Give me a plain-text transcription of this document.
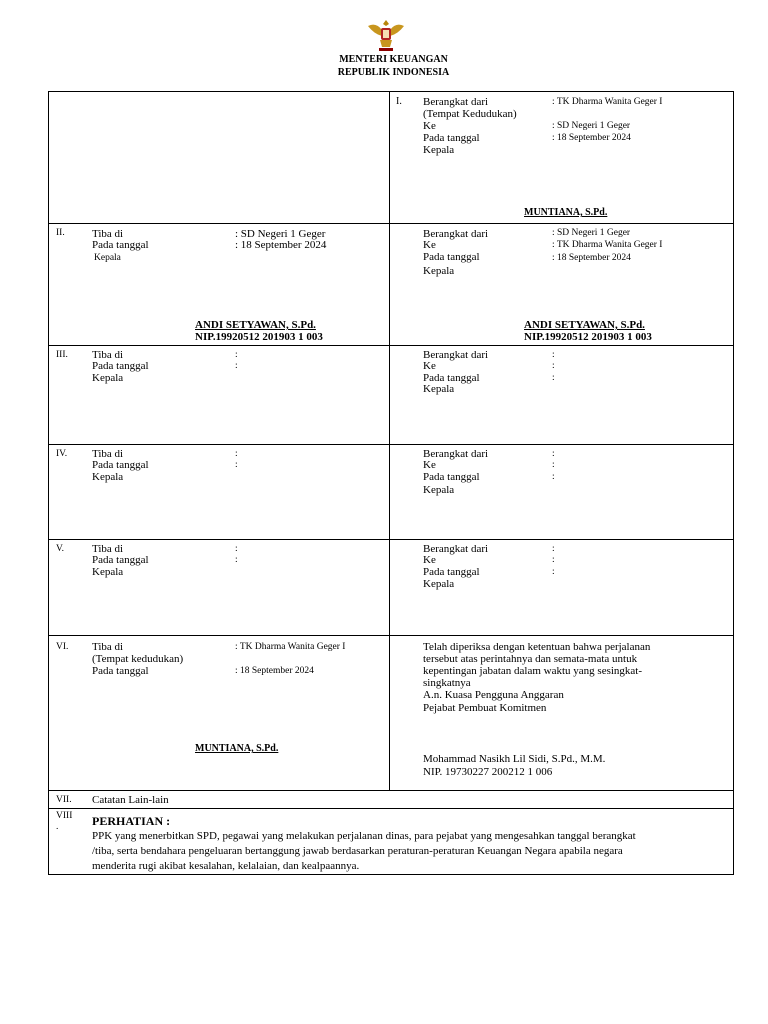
MENTERI KEUANGAN
REPUBLIK INDONESIA
I. Berangkat dari
(Tempat Kedudukan)
Ke
Pada tanggal
Kepala
: TK Dharma Wanita Geger I
: SD Negeri 1 Geger
: 18 September 2024
MUNTIANA, S.Pd.
II. Tiba di
Pada tanggal
Kepala
: SD Negeri 1 Geger
: 18 September 2024
ANDI SETYAWAN, S.Pd.
NIP.19920512 201903 1 003
Berangkat dari
Ke
Pada tanggal
Kepala
: SD Negeri 1 Geger
: TK Dharma Wanita Geger I
: 18 September 2024
ANDI SETYAWAN, S.Pd.
NIP.19920512 201903 1 003
III. Tiba di
Pada tanggal
Kepala
:
:
Berangkat dari
Ke
Pada tanggal
Kepala
:
:
:
IV. Tiba di
Pada tanggal
Kepala
:
:
Berangkat dari
Ke
Pada tanggal
Kepala
:
:
:
V.	Tiba di
Pada tanggal
Kepala
:
:
Berangkat dari
Ke
Pada tanggal
Kepala
:
:
:
VI. Tiba di
(Tempat kedudukan)
Pada tanggal
: TK Dharma Wanita Geger I
: 18 September 2024
MUNTIANA, S.Pd.
Telah diperiksa dengan ketentuan bahwa perjalanan
tersebut atas perintahnya dan semata-mata untuk
kepentingan jabatan dalam waktu yang sesingkat-
singkatnya
A.n. Kuasa Pengguna Anggaran
Pejabat Pembuat Komitmen
Mohammad Nasikh Lil Sidi, S.Pd., M.M.
NIP. 19730227 200212 1 006
VII. Catatan Lain-lain
VIII
.	PERHATIAN :
PPK yang menerbitkan SPD, pegawai yang melakukan perjalanan dinas, para pejabat yang mengesahkan tanggal berangkat
/tiba, serta bendahara pengeluaran bertanggung jawab berdasarkan peraturan-peraturan Keuangan Negara apabila negara
menderita rugi akibat kesalahan, kelalaian, dan kealpaannya.
